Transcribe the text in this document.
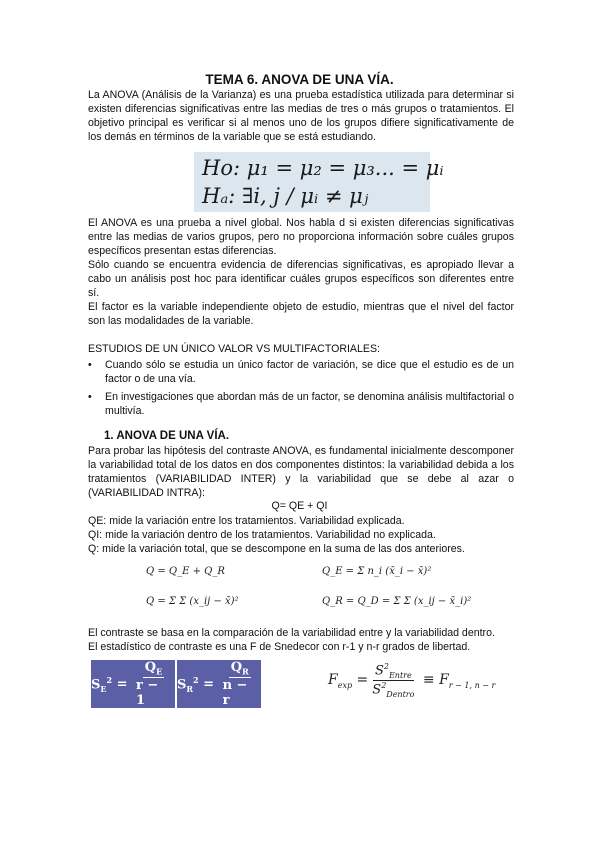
TEMA 6. ANOVA DE UNA VÍA.

La ANOVA (Análisis de la Varianza) es una prueba estadística utilizada para determinar si existen diferencias significativas entre las medias de tres o más grupos o tratamientos. El objetivo principal es verificar si al menos uno de los grupos difiere significativamente de los demás en términos de la variable que se está estudiando.

Ho: μ₁ = μ₂ = μ₃... = μᵢ
Hₐ: ∃i, j / μᵢ ≠ μⱼ

El ANOVA es una prueba a nivel global. Nos habla d si existen diferencias significativas entre las medias de varios grupos, pero no proporciona información sobre cuáles grupos específicos presentan estas diferencias.

Sólo cuando se encuentra evidencia de diferencias significativas, es apropiado llevar a cabo un análisis post hoc para identificar cuáles grupos específicos son diferentes entre sí.

El factor es la variable independiente objeto de estudio, mientras que el nivel del factor son las modalidades de la variable.

ESTUDIOS DE UN ÚNICO VALOR VS MULTIFACTORIALES:

• Cuando sólo se estudia un único factor de variación, se dice que el estudio es de un factor o de una vía.
• En investigaciones que abordan más de un factor, se denomina análisis multifactorial o multivía.

1. ANOVA DE UNA VÍA.

Para probar las hipótesis del contraste ANOVA, es fundamental inicialmente descomponer la variabilidad total de los datos en dos componentes distintos: la variabilidad debida a los tratamientos (VARIABILIDAD INTER) y la variabilidad que se debe al azar o (VARIABILIDAD INTRA):

Q= QE + QI

QE: mide la variación entre los tratamientos. Variabilidad explicada.

QI: mide la variación dentro de los tratamientos. Variabilidad no explicada.

Q: mide la variación total, que se descompone en la suma de las dos anteriores.

Q = Q_E + Q_R	Q_E = Σ n_i (x̄_i − x̄)²
Q = Σ Σ (x_ij − x̄)²	Q_R = Q_D = Σ Σ (x_ij − x̄_i)²

El contraste se basa en la comparación de la variabilidad entre y la variabilidad dentro.

El estadístico de contraste es una F de Snedecor con r-1 y n-r grados de libertad.

$S_E^2 = \frac{Q_E}{r - 1} S_R^2 = \frac{Q_R}{n - r}$	$F_{exp} = \frac{S^2_{Entre}}{S^2_{Dentro}} \equiv F_{r - 1, n - r}$
